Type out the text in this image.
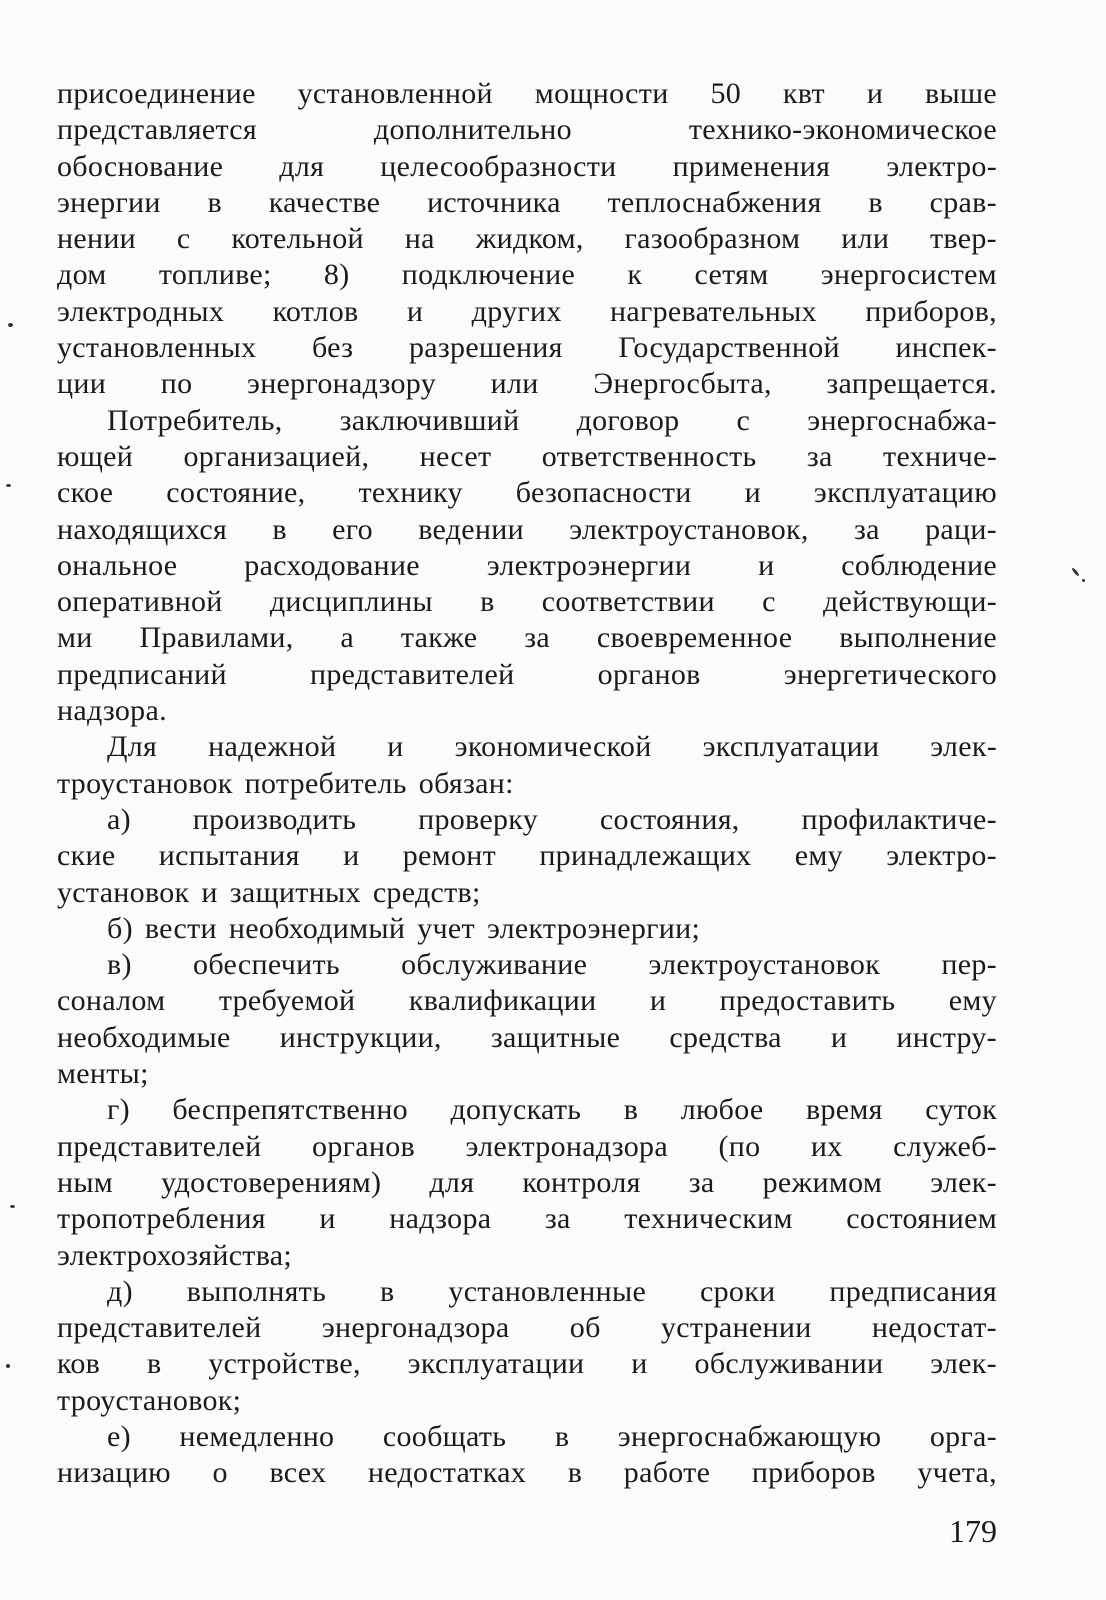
присоединение установленной мощности 50 квт и выше
представляется	дополнительно	технико-экономическое
обоснование для целесообразности применения электро-
энергии в качестве источника теплоснабжения в срав-
нении с котельной на жидком, газообразном или твер-
дом топливе; 8) подключение к сетям энергосистем
электродных котлов и других нагревательных приборов,
установленных без разрешения Государственной инспек-
ции по энергонадзору или Энергосбыта, запрещается.
Потребитель, заключивший договор с энергоснабжа-
ющей организацией, несет ответственность за техниче-
ское состояние, технику безопасности и эксплуатацию
находящихся в его ведении электроустановок, за раци-
ональное расходование электроэнергии и соблюдение
оперативной дисциплины в соответствии с действующи-
ми Правилами, а также за своевременное выполнение
предписаний	представителей	органов	энергетического
надзора.
Для надежной и экономической эксплуатации элек-
троустановок потребитель обязан:
а) производить проверку состояния, профилактиче-
ские испытания и ремонт принадлежащих ему электро-
установок и защитных средств;
б) вести необходимый учет электроэнергии;
в) обеспечить обслуживание электроустановок пер-
соналом требуемой квалификации и предоставить ему
необходимые инструкции, защитные средства и инстру-
менты;
г) беспрепятственно допускать в любое время суток
представителей органов электронадзора (по их служеб-
ным удостоверениям) для контроля за режимом элек-
тропотребления и надзора за техническим состоянием
электрохозяйства;
д) выполнять в установленные сроки предписания
представителей энергонадзора об устранении недостат-
ков в устройстве, эксплуатации и обслуживании элек-
троустановок;
е) немедленно сообщать в энергоснабжающую орга-
низацию о всех недостатках в работе приборов учета,
179
